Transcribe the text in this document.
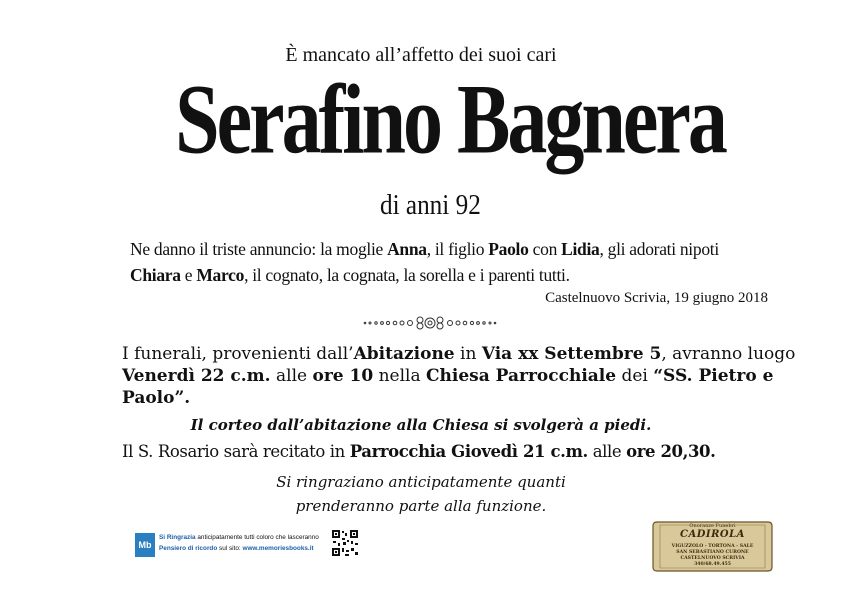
È mancato all’affetto dei suoi cari
Serafino Bagnera
di anni 92
Ne danno il triste annuncio: la moglie Anna, il figlio Paolo con Lidia, gli adorati nipoti Chiara e Marco, il cognato, la cognata, la sorella e i parenti tutti.
Castelnuovo Scrivia, 19 giugno 2018
I funerali, provenienti dall’Abitazione in Via xx Settembre 5, avranno luogo Venerdì 22 c.m. alle ore 10 nella Chiesa Parrocchiale dei “SS. Pietro e Paolo”.
Il corteo dall’abitazione alla Chiesa si svolgerà a piedi.
Il S. Rosario sarà recitato in Parrocchia Giovedì 21 c.m. alle ore 20,30.
Si ringraziano anticipatamente quanti
prenderanno parte alla funzione.
Mb
Si Ringrazia anticipatamente tutti coloro che lasceranno
Pensiero di ricordo sul sito: www.memoriesbooks.it
Onoranze Funebri
CADIROLA
VIGUZZOLO - TORTONA - SALE
SAN SEBASTIANO CURONE
CASTELNUOVO SCRIVIA
340/68.49.455
